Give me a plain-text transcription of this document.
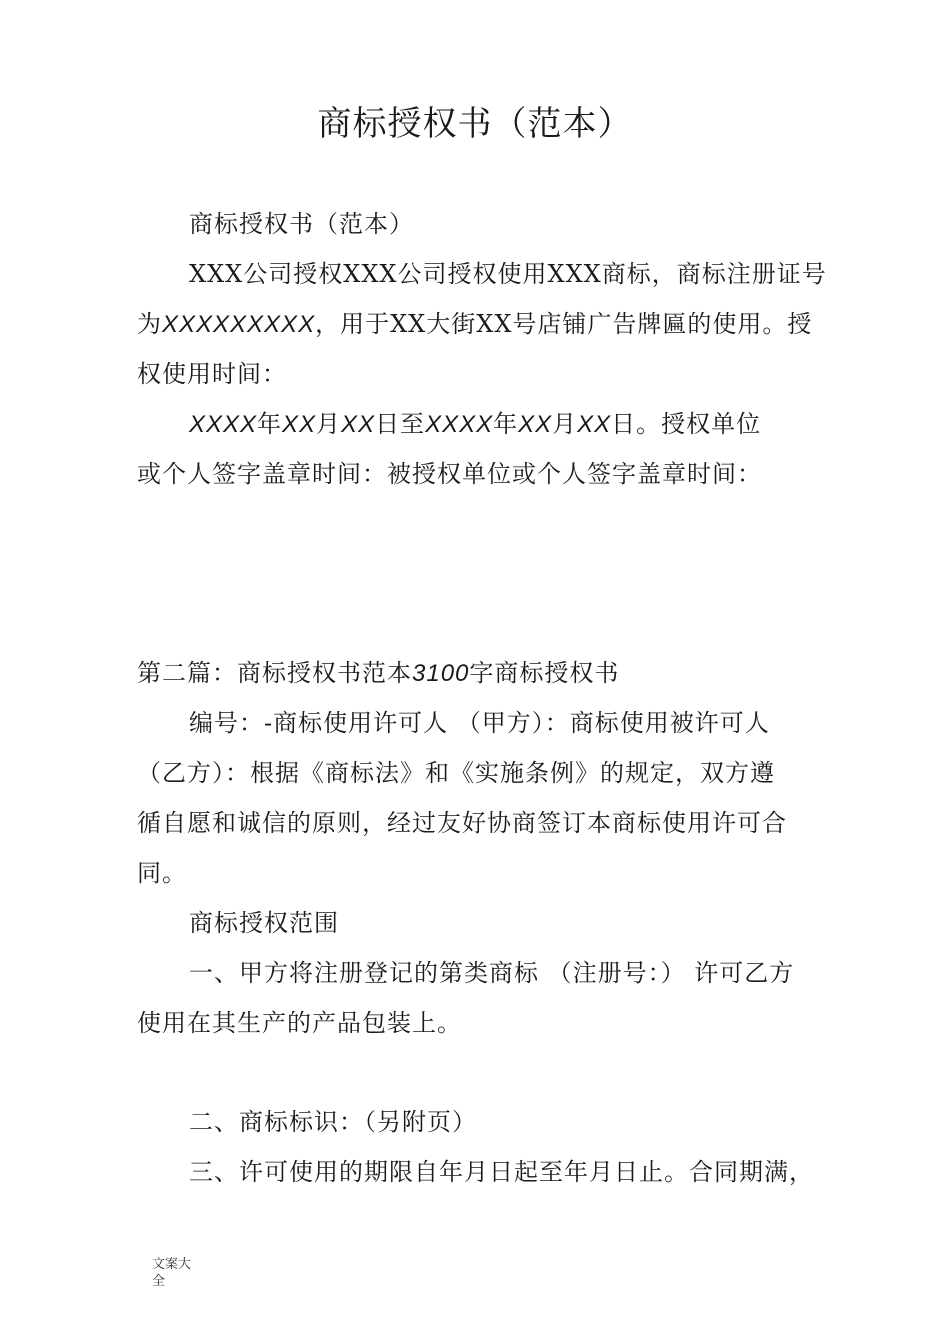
商标授权书（范本）

商标授权书（范本）

XXX公司授权XXX公司授权使用XXX商标，商标注册证号

为XXXXXXXXX，用于XX大街XX号店铺广告牌匾的使用。授

权使用时间：

XXXX年XX月XX日至XXXX年XX月XX日。授权单位

或个人签字盖章时间：被授权单位或个人签字盖章时间：

第二篇：商标授权书范本3100字商标授权书

编号：-商标使用许可人 （甲方）：商标使用被许可人

（乙方）：根据《商标法》和《实施条例》的规定，双方遵

循自愿和诚信的原则，经过友好协商签订本商标使用许可合

同。

商标授权范围

一、甲方将注册登记的第类商标 （注册号：） 许可乙方

使用在其生产的产品包装上。

二、商标标识：（另附页）

三、许可使用的期限自年月日起至年月日止。合同期满，

文案大全
